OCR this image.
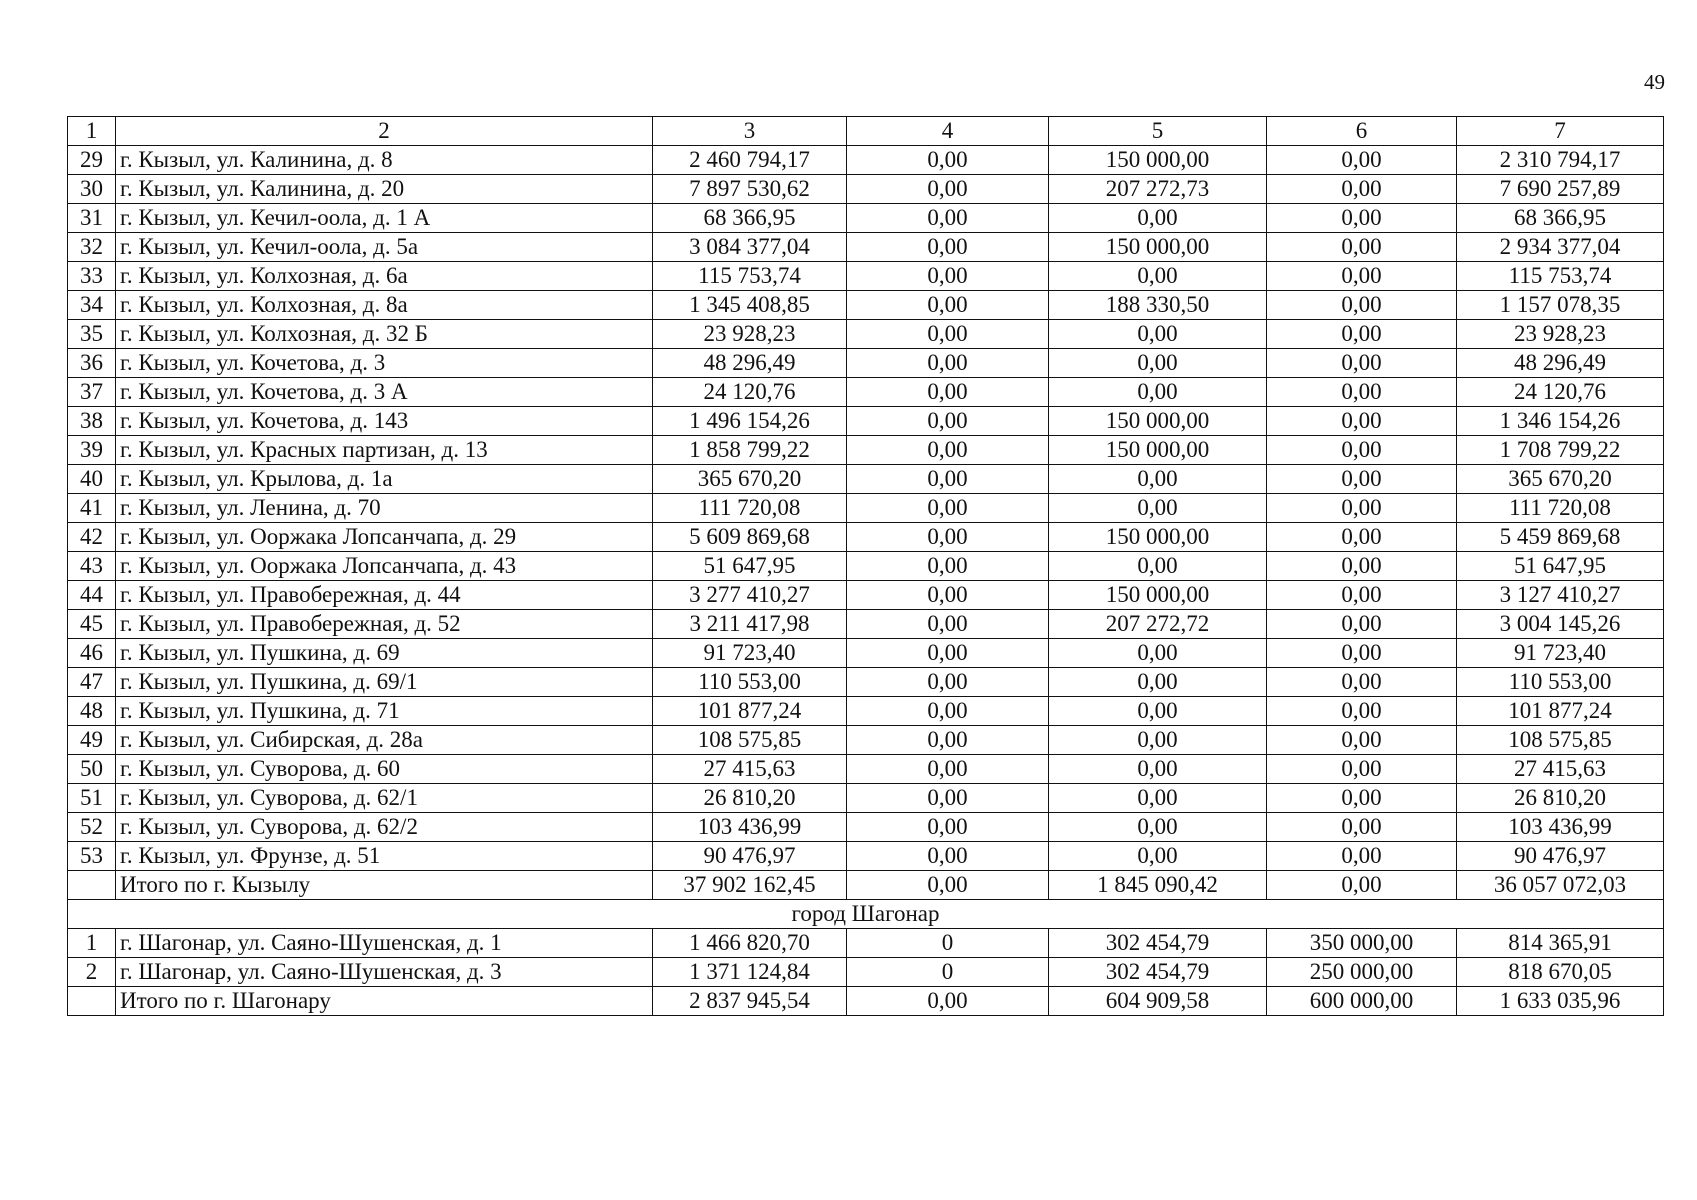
49
1	2	3	4	5	6	7
29	г. Кызыл, ул. Калинина, д. 8	2 460 794,17	0,00	150 000,00	0,00	2 310 794,17
30	г. Кызыл, ул. Калинина, д. 20	7 897 530,62	0,00	207 272,73	0,00	7 690 257,89
31	г. Кызыл, ул. Кечил-оола, д. 1 А	68 366,95	0,00	0,00	0,00	68 366,95
32	г. Кызыл, ул. Кечил-оола, д. 5а	3 084 377,04	0,00	150 000,00	0,00	2 934 377,04
33	г. Кызыл, ул. Колхозная, д. 6а	115 753,74	0,00	0,00	0,00	115 753,74
34	г. Кызыл, ул. Колхозная, д. 8а	1 345 408,85	0,00	188 330,50	0,00	1 157 078,35
35	г. Кызыл, ул. Колхозная, д. 32 Б	23 928,23	0,00	0,00	0,00	23 928,23
36	г. Кызыл, ул. Кочетова, д. 3	48 296,49	0,00	0,00	0,00	48 296,49
37	г. Кызыл, ул. Кочетова, д. 3 А	24 120,76	0,00	0,00	0,00	24 120,76
38	г. Кызыл, ул. Кочетова, д. 143	1 496 154,26	0,00	150 000,00	0,00	1 346 154,26
39	г. Кызыл, ул. Красных партизан, д. 13	1 858 799,22	0,00	150 000,00	0,00	1 708 799,22
40	г. Кызыл, ул. Крылова, д. 1а	365 670,20	0,00	0,00	0,00	365 670,20
41	г. Кызыл, ул. Ленина, д. 70	111 720,08	0,00	0,00	0,00	111 720,08
42	г. Кызыл, ул. Ооржака Лопсанчапа, д. 29	5 609 869,68	0,00	150 000,00	0,00	5 459 869,68
43	г. Кызыл, ул. Ооржака Лопсанчапа, д. 43	51 647,95	0,00	0,00	0,00	51 647,95
44	г. Кызыл, ул. Правобережная, д. 44	3 277 410,27	0,00	150 000,00	0,00	3 127 410,27
45	г. Кызыл, ул. Правобережная, д. 52	3 211 417,98	0,00	207 272,72	0,00	3 004 145,26
46	г. Кызыл, ул. Пушкина, д. 69	91 723,40	0,00	0,00	0,00	91 723,40
47	г. Кызыл, ул. Пушкина, д. 69/1	110 553,00	0,00	0,00	0,00	110 553,00
48	г. Кызыл, ул. Пушкина, д. 71	101 877,24	0,00	0,00	0,00	101 877,24
49	г. Кызыл, ул. Сибирская, д. 28а	108 575,85	0,00	0,00	0,00	108 575,85
50	г. Кызыл, ул. Суворова, д. 60	27 415,63	0,00	0,00	0,00	27 415,63
51	г. Кызыл, ул. Суворова, д. 62/1	26 810,20	0,00	0,00	0,00	26 810,20
52	г. Кызыл, ул. Суворова, д. 62/2	103 436,99	0,00	0,00	0,00	103 436,99
53	г. Кызыл, ул. Фрунзе, д. 51	90 476,97	0,00	0,00	0,00	90 476,97
	Итого по г. Кызылу	37 902 162,45	0,00	1 845 090,42	0,00	36 057 072,03
город Шагонар						
1	г. Шагонар, ул. Саяно-Шушенская, д. 1	1 466 820,70	0	302 454,79	350 000,00	814 365,91
2	г. Шагонар, ул. Саяно-Шушенская, д. 3	1 371 124,84	0	302 454,79	250 000,00	818 670,05
	Итого по г. Шагонару	2 837 945,54	0,00	604 909,58	600 000,00	1 633 035,96
